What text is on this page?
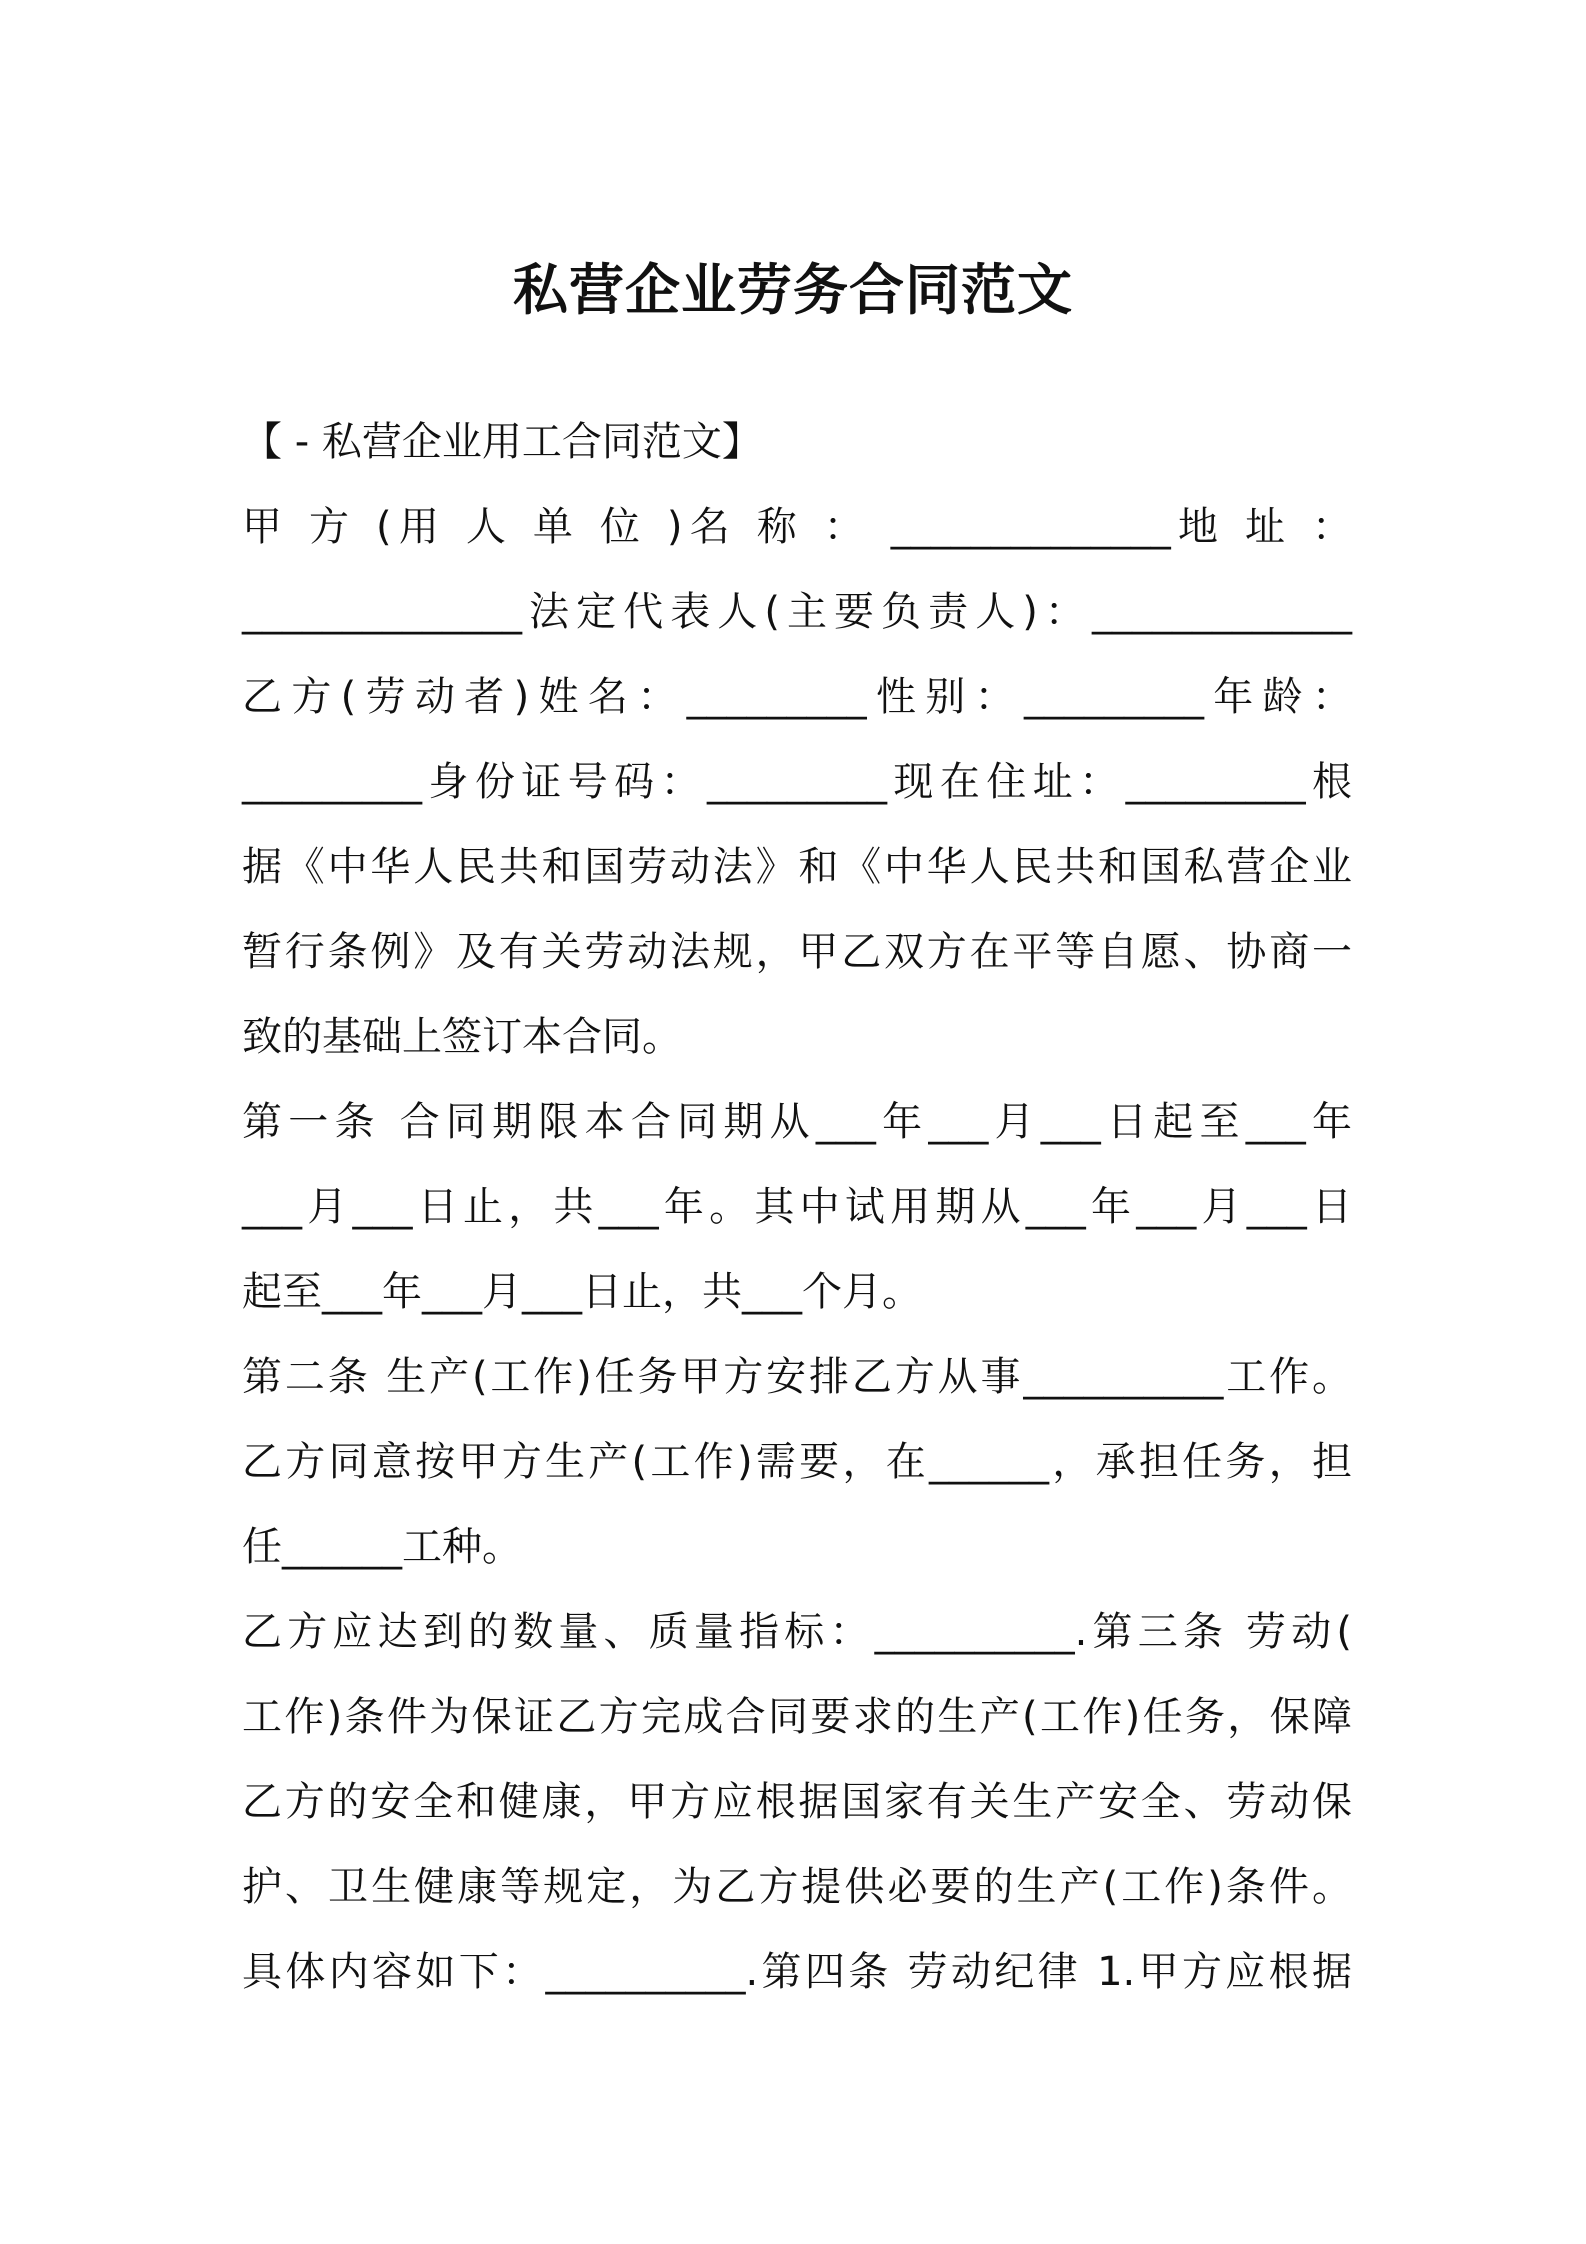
私营企业劳务合同范文

【 - 私营企业用工合同范文】

甲 方 (用 人 单 位 )名 称 ： ______________地 址 ：

______________法定代表人(主要负责人)：_____________

乙方(劳动者)姓名：_________性别：_________年龄：

_________身份证号码：_________现在住址：_________根

据《中华人民共和国劳动法》和《中华人民共和国私营企业

暂行条例》及有关劳动法规，甲乙双方在平等自愿、协商一

致的基础上签订本合同。

第一条 合同期限本合同期从___年___月___日起至___年

___月___日止，共___年。其中试用期从___年___月___日

起至___年___月___日止，共___个月。

第二条 生产(工作)任务甲方安排乙方从事__________工作。

乙方同意按甲方生产(工作)需要，在______，承担任务，担

任______工种。

乙方应达到的数量、质量指标：__________.第三条 劳动(

工作)条件为保证乙方完成合同要求的生产(工作)任务，保障

乙方的安全和健康，甲方应根据国家有关生产安全、劳动保

护、卫生健康等规定，为乙方提供必要的生产(工作)条件。

具体内容如下：__________.第四条 劳动纪律 1.甲方应根据
